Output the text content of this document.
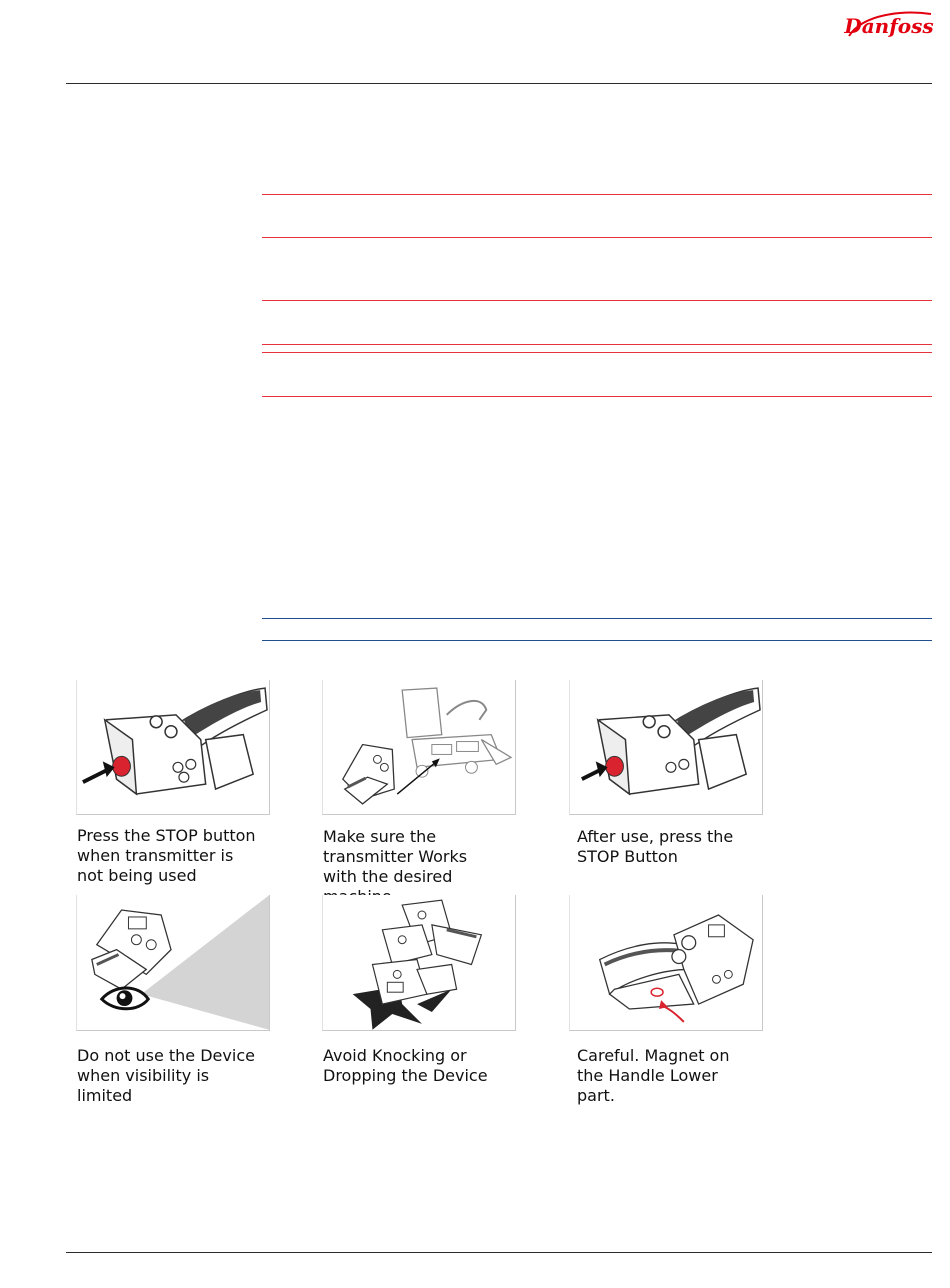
Danfoss
Press the STOP button
when transmitter is
not being used
Make sure the
transmitter Works
with the desired

After use, press the
STOP Button
Do not use the Device
when visibility is
limited
Avoid Knocking or
Dropping the Device
Careful. Magnet on
the Handle Lower
part.
